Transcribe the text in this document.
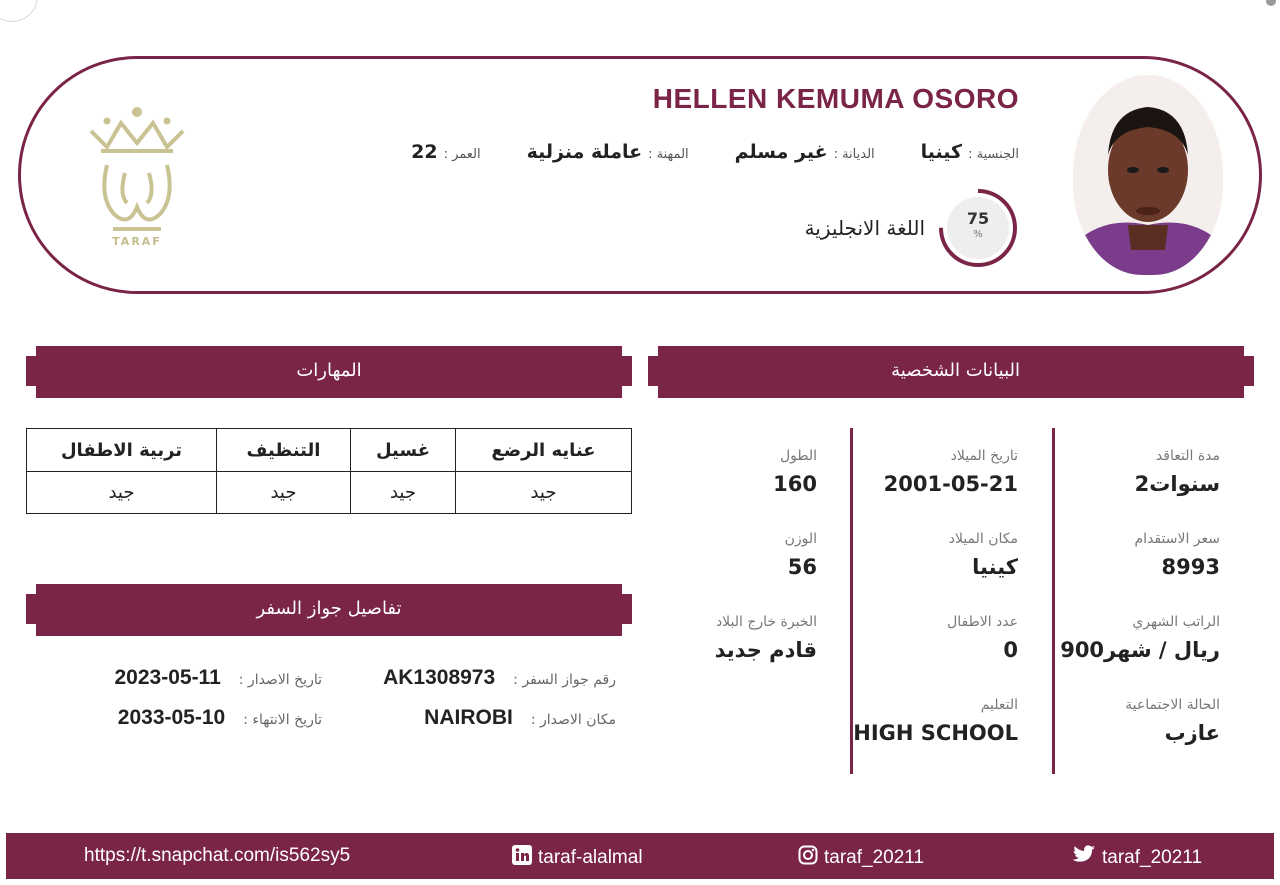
HELLEN KEMUMA OSORO
الجنسية :
كينيا
الديانة :
غير مسلم
المهنة :
عاملة منزلية
العمر :
22
اللغة الانجليزية	75
%
TARAF
البيانات الشخصية
المهارات
مدة التعاقد
2سنوات
سعر الاستقدام
8993
الراتب الشهري
900ريال / شهر
الحالة الاجتماعية
عازب
تاريخ الميلاد
2001-05-21
مكان الميلاد
كينيا
عدد الاطفال
0
التعليم
HIGH SCHOOL
الطول
160
الوزن
56
الخبرة خارج البلاد
قادم جديد
عنايه الرضع	غسيل	التنظيف	تربية الاطفال
جيد	جيد	جيد	جيد
تفاصيل جواز السفر
رقم جواز السفر :
AK1308973
تاريخ الاصدار :
2023-05-11
مكان الاصدار :
NAIROBI
تاريخ الانتهاء :
2033-05-10
https://t.snapchat.com/is562sy5	taraf-alalmal	taraf_20211	taraf_20211
